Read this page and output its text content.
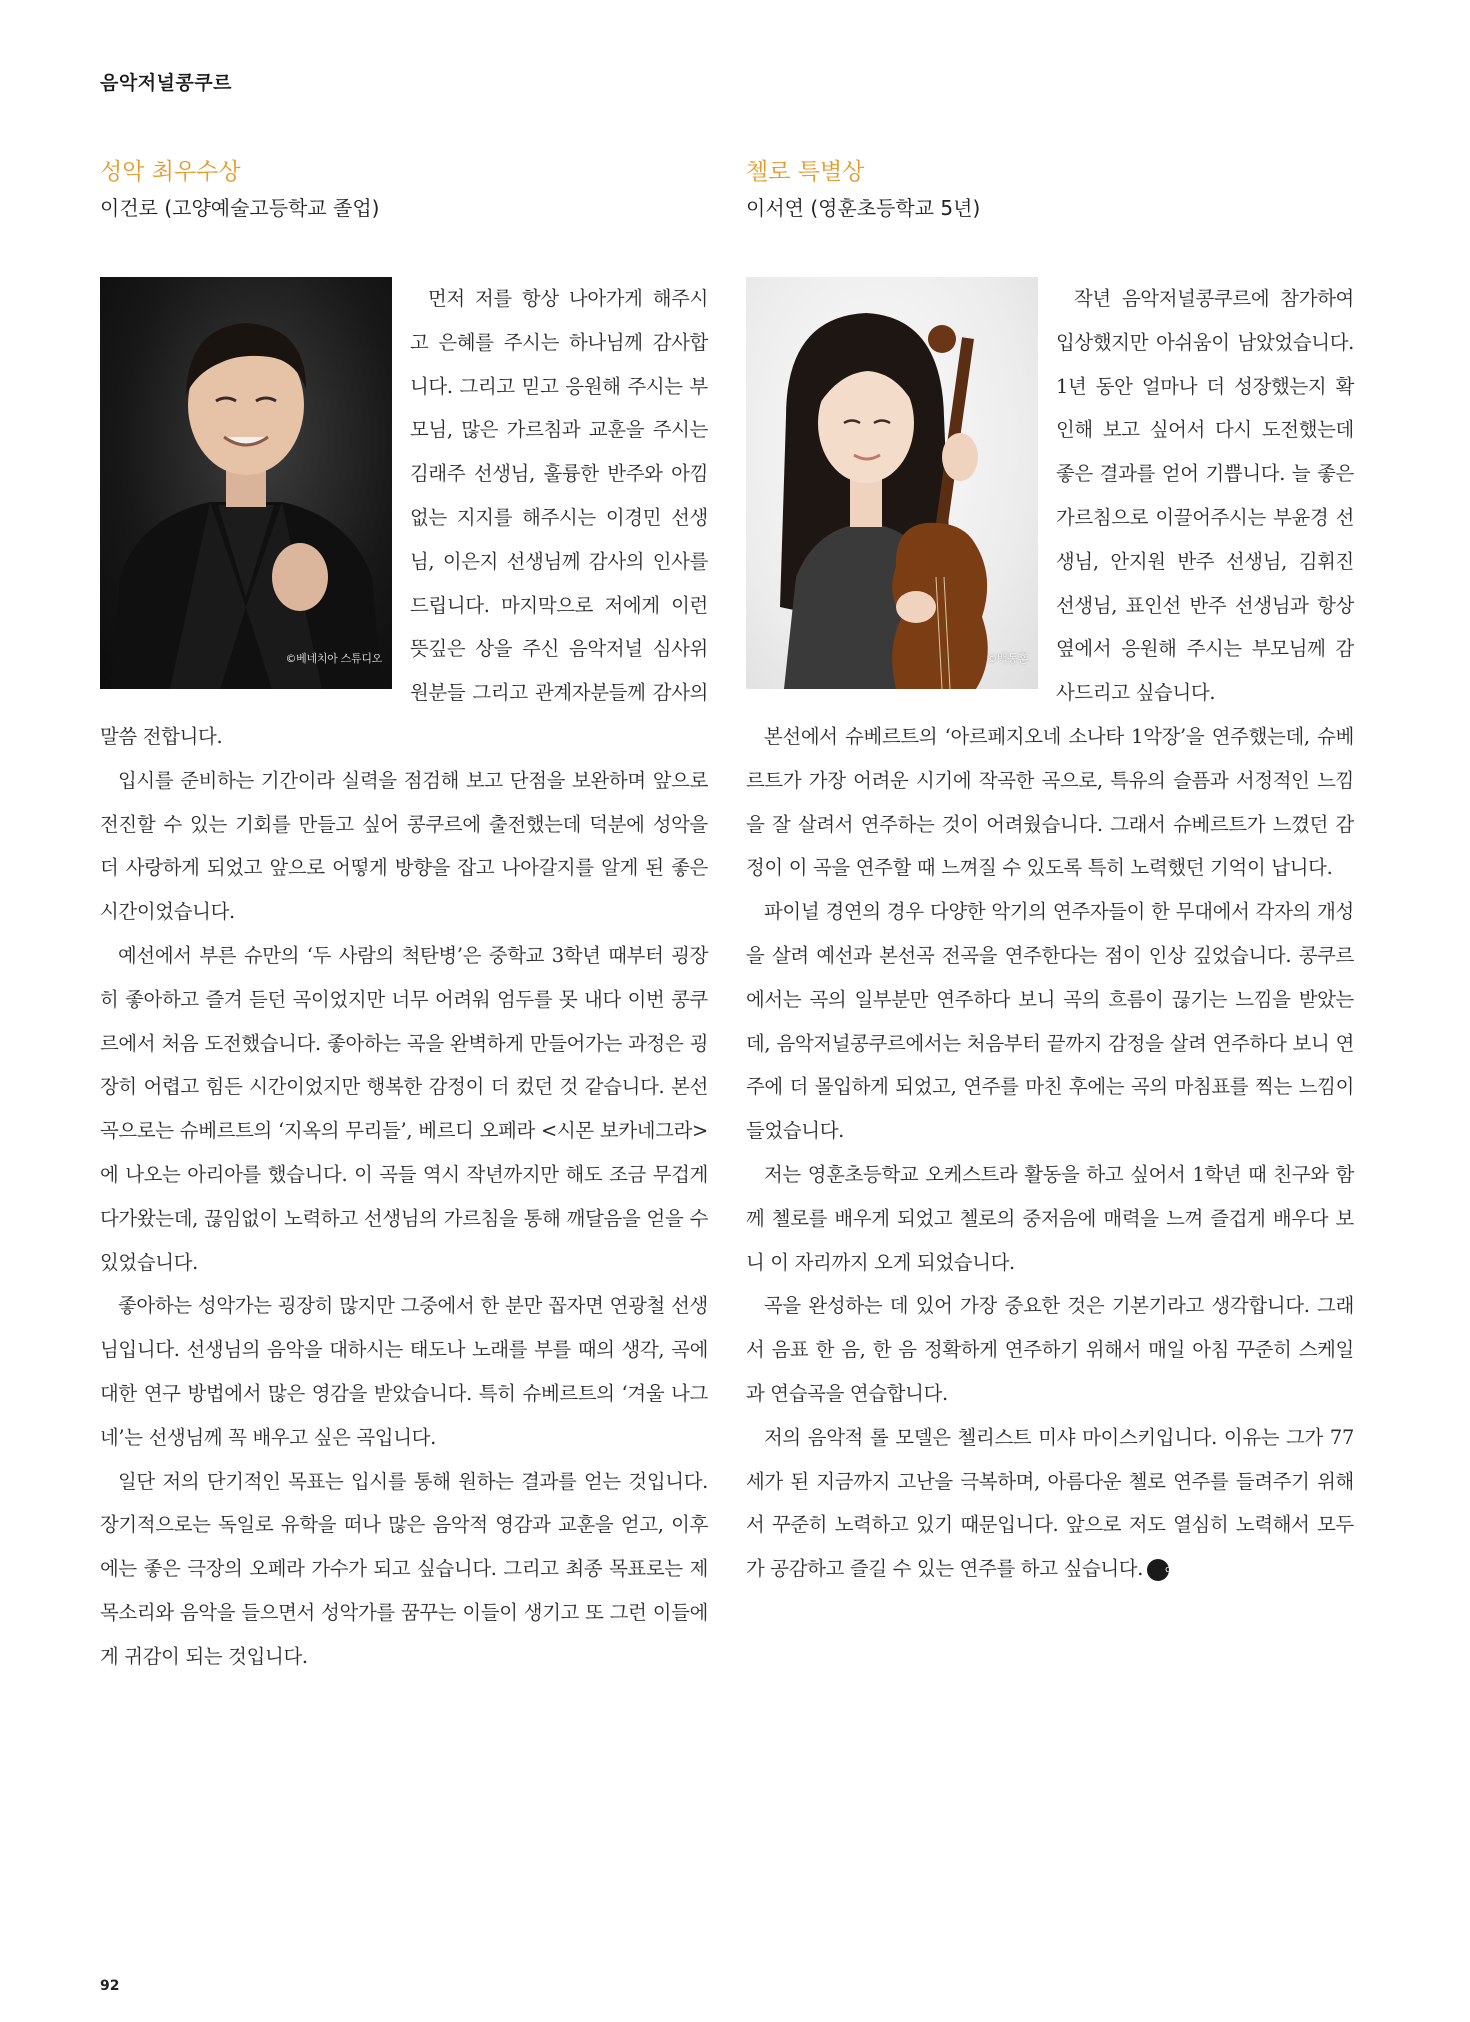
음악저널콩쿠르
성악 최우수상
이건로 (고양예술고등학교 졸업)
©베네치아 스튜디오

먼저 저를 항상 나아가게 해주시고 은혜를 주시는 하나님께 감사합니다. 그리고 믿고 응원해 주시는 부모님, 많은 가르침과 교훈을 주시는 김래주 선생님, 훌륭한 반주와 아낌없는 지지를 해주시는 이경민 선생님, 이은지 선생님께 감사의 인사를 드립니다. 마지막으로 저에게 이런 뜻깊은 상을 주신 음악저널 심사위원분들 그리고 관계자분들께 감사의 말씀 전합니다.

입시를 준비하는 기간이라 실력을 점검해 보고 단점을 보완하며 앞으로 전진할 수 있는 기회를 만들고 싶어 콩쿠르에 출전했는데 덕분에 성악을 더 사랑하게 되었고 앞으로 어떻게 방향을 잡고 나아갈지를 알게 된 좋은 시간이었습니다.

예선에서 부른 슈만의 ‘두 사람의 척탄병’은 중학교 3학년 때부터 굉장히 좋아하고 즐겨 듣던 곡이었지만 너무 어려워 엄두를 못 내다 이번 콩쿠르에서 처음 도전했습니다. 좋아하는 곡을 완벽하게 만들어가는 과정은 굉장히 어렵고 힘든 시간이었지만 행복한 감정이 더 컸던 것 같습니다. 본선곡으로는 슈베르트의 ‘지옥의 무리들’, 베르디 오페라 <시몬 보카네그라>에 나오는 아리아를 했습니다. 이 곡들 역시 작년까지만 해도 조금 무겁게 다가왔는데, 끊임없이 노력하고 선생님의 가르침을 통해 깨달음을 얻을 수 있었습니다.

좋아하는 성악가는 굉장히 많지만 그중에서 한 분만 꼽자면 연광철 선생님입니다. 선생님의 음악을 대하시는 태도나 노래를 부를 때의 생각, 곡에 대한 연구 방법에서 많은 영감을 받았습니다. 특히 슈베르트의 ‘겨울 나그네’는 선생님께 꼭 배우고 싶은 곡입니다.

일단 저의 단기적인 목표는 입시를 통해 원하는 결과를 얻는 것입니다. 장기적으로는 독일로 유학을 떠나 많은 음악적 영감과 교훈을 얻고, 이후에는 좋은 극장의 오페라 가수가 되고 싶습니다. 그리고 최종 목표로는 제 목소리와 음악을 들으면서 성악가를 꿈꾸는 이들이 생기고 또 그런 이들에게 귀감이 되는 것입니다.

첼로 특별상
이서연 (영훈초등학교 5년)
©백동훈

작년 음악저널콩쿠르에 참가하여 입상했지만 아쉬움이 남았었습니다. 1년 동안 얼마나 더 성장했는지 확인해 보고 싶어서 다시 도전했는데 좋은 결과를 얻어 기쁩니다. 늘 좋은 가르침으로 이끌어주시는 부윤경 선생님, 안지원 반주 선생님, 김휘진 선생님, 표인선 반주 선생님과 항상 옆에서 응원해 주시는 부모님께 감사드리고 싶습니다.

본선에서 슈베르트의 ‘아르페지오네 소나타 1악장’을 연주했는데, 슈베르트가 가장 어려운 시기에 작곡한 곡으로, 특유의 슬픔과 서정적인 느낌을 잘 살려서 연주하는 것이 어려웠습니다. 그래서 슈베르트가 느꼈던 감정이 이 곡을 연주할 때 느껴질 수 있도록 특히 노력했던 기억이 납니다.

파이널 경연의 경우 다양한 악기의 연주자들이 한 무대에서 각자의 개성을 살려 예선과 본선곡 전곡을 연주한다는 점이 인상 깊었습니다. 콩쿠르에서는 곡의 일부분만 연주하다 보니 곡의 흐름이 끊기는 느낌을 받았는데, 음악저널콩쿠르에서는 처음부터 끝까지 감정을 살려 연주하다 보니 연주에 더 몰입하게 되었고, 연주를 마친 후에는 곡의 마침표를 찍는 느낌이 들었습니다.

저는 영훈초등학교 오케스트라 활동을 하고 싶어서 1학년 때 친구와 함께 첼로를 배우게 되었고 첼로의 중저음에 매력을 느껴 즐겁게 배우다 보니 이 자리까지 오게 되었습니다.

곡을 완성하는 데 있어 가장 중요한 것은 기본기라고 생각합니다. 그래서 음표 한 음, 한 음 정확하게 연주하기 위해서 매일 아침 꾸준히 스케일과 연습곡을 연습합니다.

저의 음악적 롤 모델은 첼리스트 미샤 마이스키입니다. 이유는 그가 77세가 된 지금까지 고난을 극복하며, 아름다운 첼로 연주를 들려주기 위해서 꾸준히 노력하고 있기 때문입니다. 앞으로 저도 열심히 노력해서 모두가 공감하고 즐길 수 있는 연주를 하고 싶습니다. dilu

92
